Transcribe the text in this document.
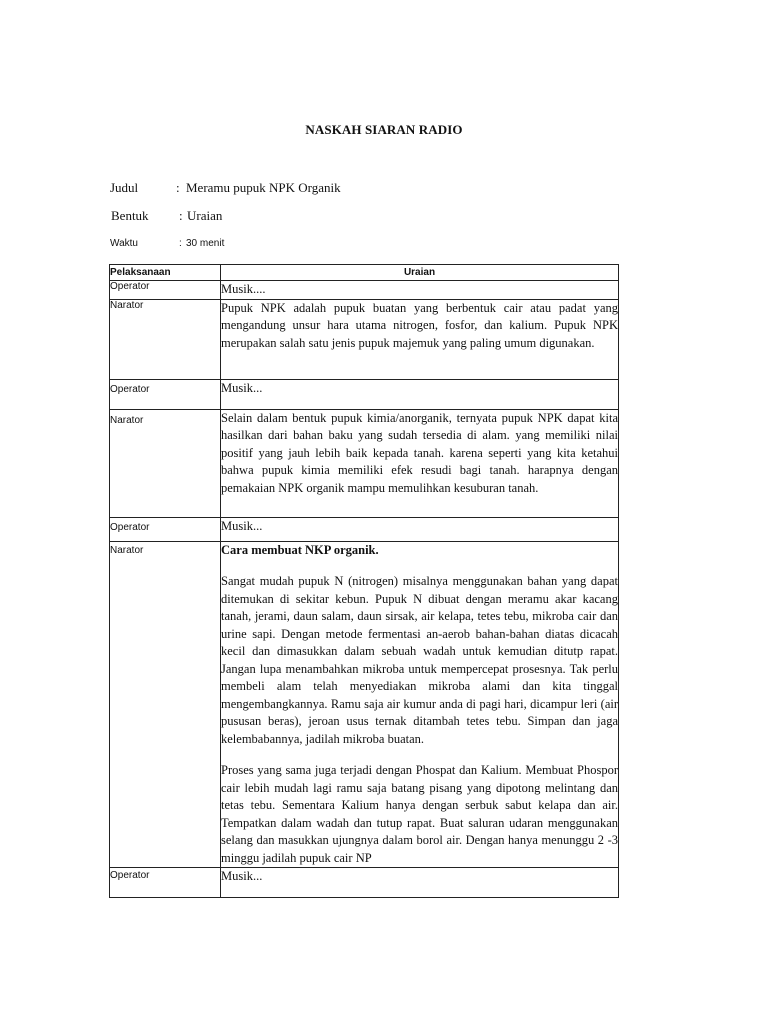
NASKAH SIARAN RADIO
Judul	: Meramu pupuk NPK Organik
Bentuk : Uraian
Waktu	: 30 menit
Pelaksanaan	Uraian
Operator	Musik....
Narator	Pupuk NPK adalah pupuk buatan yang berbentuk cair atau padat yang mengandung unsur hara utama nitrogen, fosfor, dan kalium. Pupuk NPK merupakan salah satu jenis pupuk majemuk yang paling umum digunakan.
Operator	Musik...
Narator	Selain dalam bentuk pupuk kimia/anorganik, ternyata pupuk NPK dapat kita hasilkan dari bahan baku yang sudah tersedia di alam. yang memiliki nilai positif yang jauh lebih baik kepada tanah. karena seperti yang kita ketahui bahwa pupuk kimia memiliki efek resudi bagi tanah. harapnya dengan pemakaian NPK organik mampu memulihkan kesuburan tanah.
Operator	Musik...
Narator	Cara membuat NKP organik.

Sangat mudah pupuk N (nitrogen) misalnya menggunakan bahan yang dapat ditemukan di sekitar kebun. Pupuk N dibuat dengan meramu akar kacang tanah, jerami, daun salam, daun sirsak, air kelapa, tetes tebu, mikroba cair dan urine sapi. Dengan metode fermentasi an-aerob bahan-bahan diatas dicacah kecil dan dimasukkan dalam sebuah wadah untuk kemudian ditutp rapat. Jangan lupa menambahkan mikroba untuk mempercepat prosesnya. Tak perlu membeli alam telah menyediakan mikroba alami dan kita tinggal mengembangkannya. Ramu saja air kumur anda di pagi hari, dicampur leri (air pususan beras), jeroan usus ternak ditambah tetes tebu. Simpan dan jaga kelembabannya, jadilah mikroba buatan.

Proses yang sama juga terjadi dengan Phospat dan Kalium. Membuat Phospor cair lebih mudah lagi ramu saja batang pisang yang dipotong melintang dan tetas tebu. Sementara Kalium hanya dengan serbuk sabut kelapa dan air. Tempatkan dalam wadah dan tutup rapat. Buat saluran udaran menggunakan selang dan masukkan ujungnya dalam borol air. Dengan hanya menunggu 2 -3 minggu jadilah pupuk cair NP

Operator	Musik...
